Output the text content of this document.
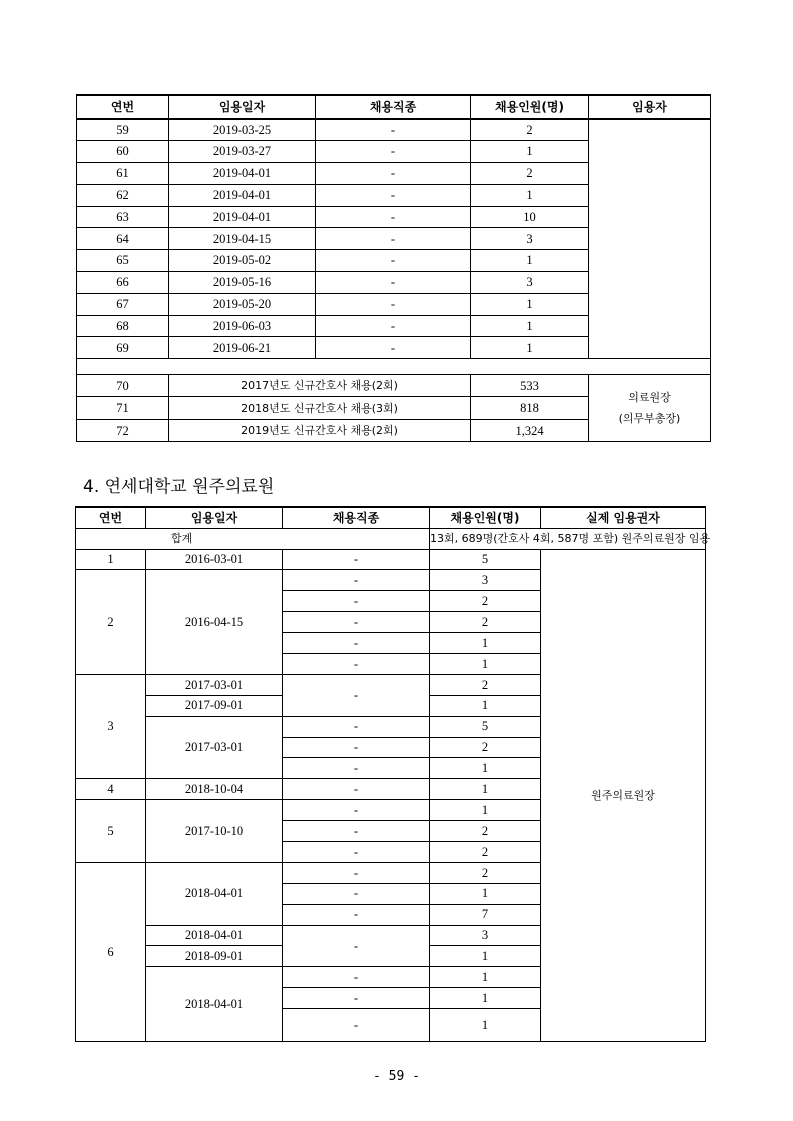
연번	임용일자	채용직종	채용인원(명)	임용자
59	2019-03-25	-	2	
60	2019-03-27	-	1	
61	2019-04-01	-	2	
62	2019-04-01	-	1	
63	2019-04-01	-	10	
64	2019-04-15	-	3	
65	2019-05-02	-	1	
66	2019-05-16	-	3	
67	2019-05-20	-	1	
68	2019-06-03	-	1	
69	2019-06-21	-	1	

70	2017년도 신규간호사 채용(2회)		533	의료원장
(의무부총장)
71	2018년도 신규간호사 채용(3회)		818	
72	2019년도 신규간호사 채용(2회)		1,324	
4. 연세대학교 원주의료원
연번	임용일자	채용직종	채용인원(명)	실제 임용권자
합계			13회, 689명(간호사 4회, 587명 포함) 원주의료원장 임용	
1	2016-03-01	-	5	원주의료원장
2	2016-04-15	-	3	
		-	2	
		-	2	
		-	1	
		-	1	
3	2017-03-01	-	2	
	2017-09-01		1	
	2017-03-01	-	5	
		-	2	
		-	1	
4	2018-10-04	-	1	
5	2017-10-10	-	1	
		-	2	
		-	2	
6	2018-04-01	-	2	
		-	1	
		-	7	
	2018-04-01	-	3	
	2018-09-01		1	
	2018-04-01	-	1	
		-	1	
		-	1	
- 59 -
